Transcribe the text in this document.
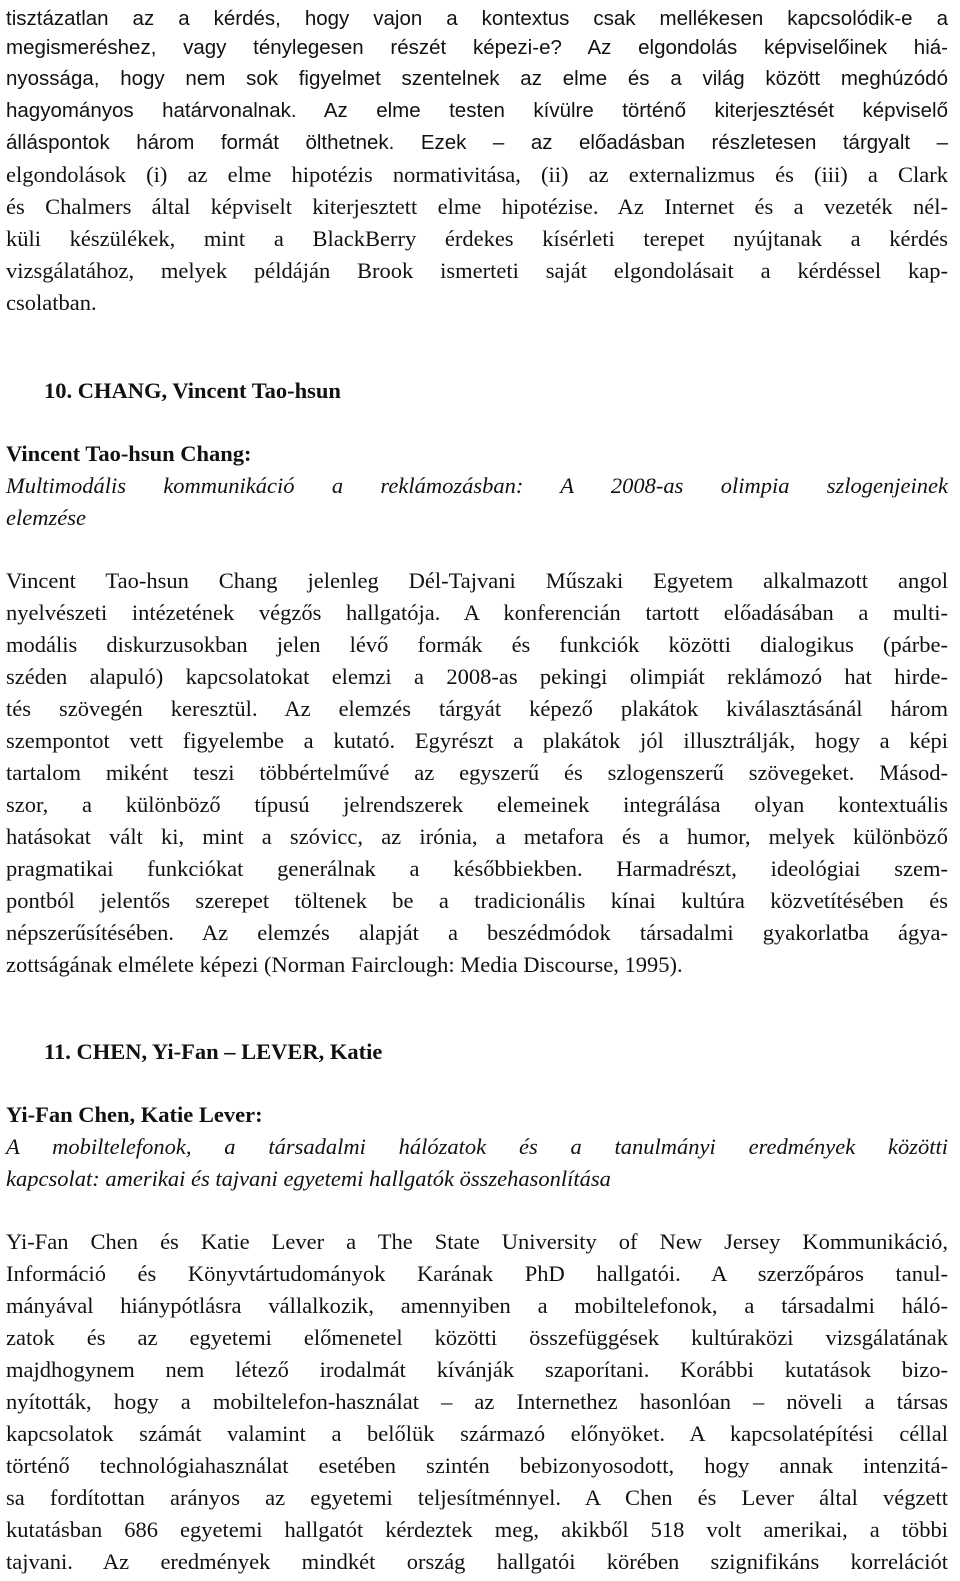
tisztázatlan az a kérdés, hogy vajon a kontextus csak mellékesen kapcsolódik-e a
megismeréshez, vagy ténylegesen részét képezi-e? Az elgondolás képviselőinek hiá-
nyossága, hogy nem sok figyelmet szentelnek az elme és a világ között meghúzódó
hagyományos határvonalnak. Az elme testen kívülre történő kiterjesztését képviselő
álláspontok három formát ölthetnek. Ezek – az előadásban részletesen tárgyalt –
elgondolások (i) az elme hipotézis normativitása, (ii) az externalizmus és (iii) a Clark
és Chalmers által képviselt kiterjesztett elme hipotézise. Az Internet és a vezeték nél-
küli készülékek, mint a BlackBerry érdekes kísérleti terepet nyújtanak a kérdés
vizsgálatához, melyek példáján Brook ismerteti saját elgondolásait a kérdéssel kap-
csolatban.
10. CHANG, Vincent Tao-hsun
Vincent Tao-hsun Chang:
Multimodális kommunikáció a reklámozásban: A 2008-as olimpia szlogenjeinek
elemzése
Vincent Tao-hsun Chang jelenleg Dél-Tajvani Műszaki Egyetem alkalmazott angol
nyelvészeti intézetének végzős hallgatója. A konferencián tartott előadásában a multi-
modális diskurzusokban jelen lévő formák és funkciók közötti dialogikus (párbe-
széden alapuló) kapcsolatokat elemzi a 2008-as pekingi olimpiát reklámozó hat hirde-
tés szövegén keresztül. Az elemzés tárgyát képező plakátok kiválasztásánál három
szempontot vett figyelembe a kutató. Egyrészt a plakátok jól illusztrálják, hogy a képi
tartalom miként teszi többértelművé az egyszerű és szlogenszerű szövegeket. Másod-
szor, a különböző típusú jelrendszerek elemeinek integrálása olyan kontextuális
hatásokat vált ki, mint a szóvicc, az irónia, a metafora és a humor, melyek különböző
pragmatikai funkciókat generálnak a későbbiekben. Harmadrészt, ideológiai szem-
pontból jelentős szerepet töltenek be a tradicionális kínai kultúra közvetítésében és
népszerűsítésében. Az elemzés alapját a beszédmódok társadalmi gyakorlatba ágya-
zottságának elmélete képezi (Norman Fairclough: Media Discourse, 1995).
11. CHEN, Yi-Fan – LEVER, Katie
Yi-Fan Chen, Katie Lever:
A mobiltelefonok, a társadalmi hálózatok és a tanulmányi eredmények közötti
kapcsolat: amerikai és tajvani egyetemi hallgatók összehasonlítása
Yi-Fan Chen és Katie Lever a The State University of New Jersey Kommunikáció,
Információ és Könyvtártudományok Karának PhD hallgatói. A szerzőpáros tanul-
mányával hiánypótlásra vállalkozik, amennyiben a mobiltelefonok, a társadalmi háló-
zatok és az egyetemi előmenetel közötti összefüggések kultúraközi vizsgálatának
majdhogynem nem létező irodalmát kívánják szaporítani. Korábbi kutatások bizo-
nyították, hogy a mobiltelefon-használat – az Internethez hasonlóan – növeli a társas
kapcsolatok számát valamint a belőlük származó előnyöket. A kapcsolatépítési céllal
történő technológiahasználat esetében szintén bebizonyosodott, hogy annak intenzitá-
sa fordítottan arányos az egyetemi teljesítménnyel. A Chen és Lever által végzett
kutatásban 686 egyetemi hallgatót kérdeztek meg, akikből 518 volt amerikai, a többi
tajvani. Az eredmények mindkét ország hallgatói körében szignifikáns korrelációt
